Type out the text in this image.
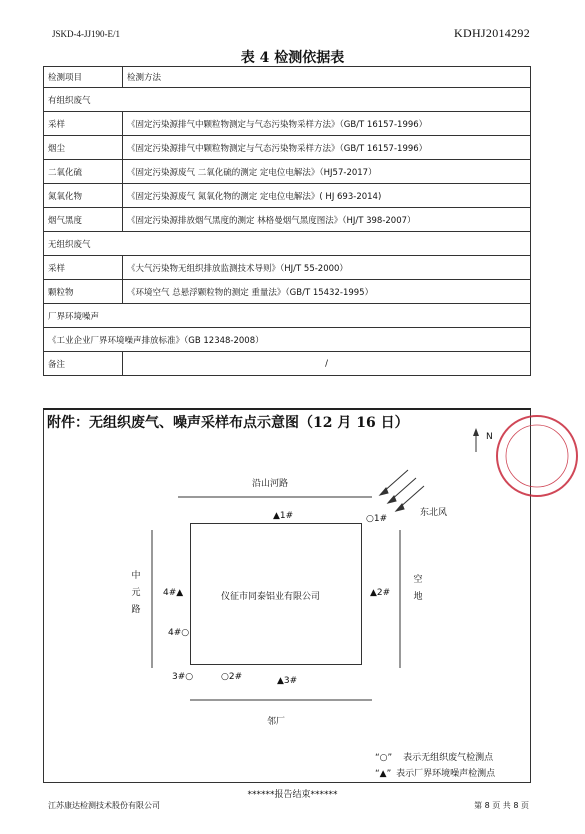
JSKD-4-JJ190-E/1	KDHJ2014292
表 4 检测依据表
检测项目	检测方法
有组织废气	
采样	《固定污染源排气中颗粒物测定与气态污染物采样方法》（GB/T 16157-1996）
烟尘	《固定污染源排气中颗粒物测定与气态污染物采样方法》（GB/T 16157-1996）
二氧化硫	《固定污染源废气 二氧化硫的测定 定电位电解法》（HJ57-2017）
氮氧化物	《固定污染源废气 氮氧化物的测定 定电位电解法》( HJ 693-2014)
烟气黑度	《固定污染源排放烟气黑度的测定 林格曼烟气黑度图法》（HJ/T 398-2007）
无组织废气	
采样	《大气污染物无组织排放监测技术导则》（HJ/T 55-2000）
颗粒物	《环境空气 总悬浮颗粒物的测定 重量法》（GB/T 15432-1995）
厂界环境噪声	
《工业企业厂界环境噪声排放标准》（GB 12348-2008）	
备注	/
附件：无组织废气、噪声采样布点示意图（12 月 16 日）
沿山河路
N
东北风
仪征市同泰铝业有限公司
邻厂
中
元
路
空
地
▲1#	○1#
▲2#
4#▲
4#○
3#○	○2#	▲3#
“○” 表示无组织废气检测点
“▲” 表示厂界环境噪声检测点
******报告结束******
江苏康达检测技术股份有限公司	第 8 页 共 8 页
